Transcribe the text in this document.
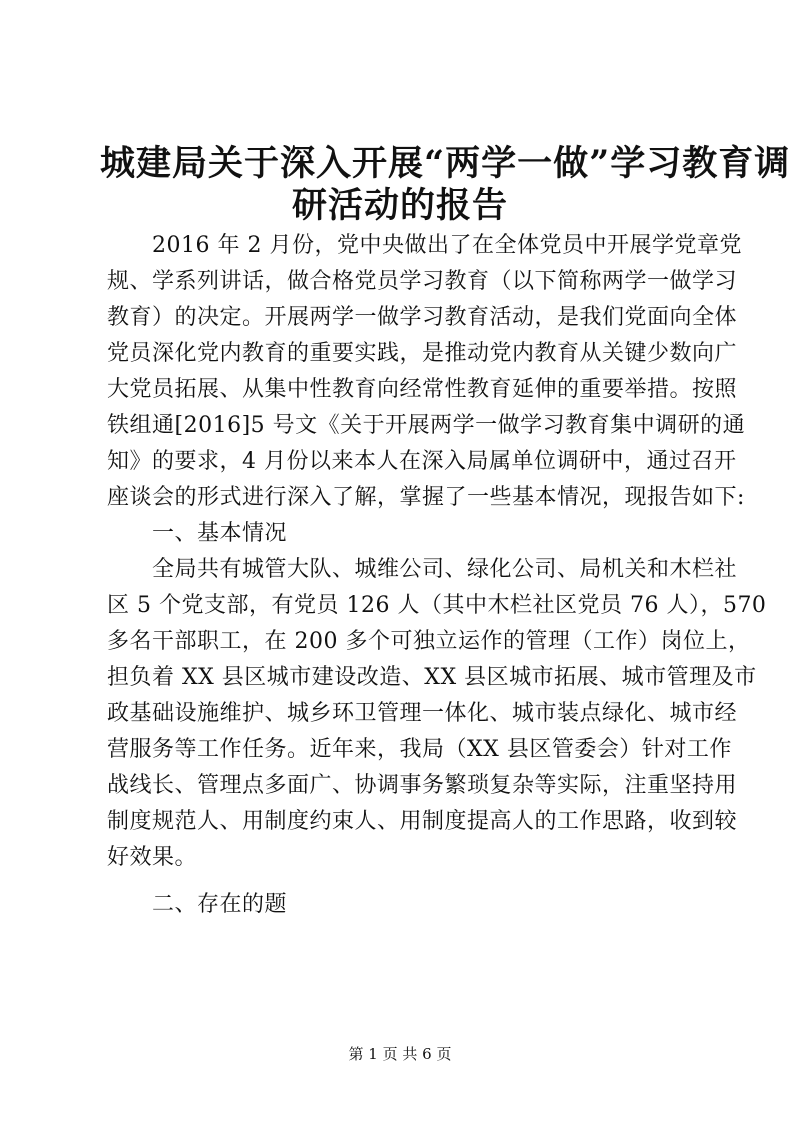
城建局关于深入开展“两学一做”学习教育调
研活动的报告
　　2016 年 2 月份，党中央做出了在全体党员中开展学党章党
规、学系列讲话，做合格党员学习教育（以下简称两学一做学习
教育）的决定。开展两学一做学习教育活动，是我们党面向全体
党员深化党内教育的重要实践，是推动党内教育从关键少数向广
大党员拓展、从集中性教育向经常性教育延伸的重要举措。按照
铁组通[2016]5 号文《关于开展两学一做学习教育集中调研的通
知》的要求，4 月份以来本人在深入局属单位调研中，通过召开
座谈会的形式进行深入了解，掌握了一些基本情况，现报告如下:
　　一、基本情况
　　全局共有城管大队、城维公司、绿化公司、局机关和木栏社
区 5 个党支部，有党员 126 人（其中木栏社区党员 76 人），570
多名干部职工，在 200 多个可独立运作的管理（工作）岗位上，
担负着 XX 县区城市建设改造、XX 县区城市拓展、城市管理及市
政基础设施维护、城乡环卫管理一体化、城市装点绿化、城市经
营服务等工作任务。近年来，我局（XX 县区管委会）针对工作
战线长、管理点多面广、协调事务繁琐复杂等实际，注重坚持用
制度规范人、用制度约束人、用制度提高人的工作思路，收到较
好效果。
　　二、存在的题
第 1 页 共 6 页
